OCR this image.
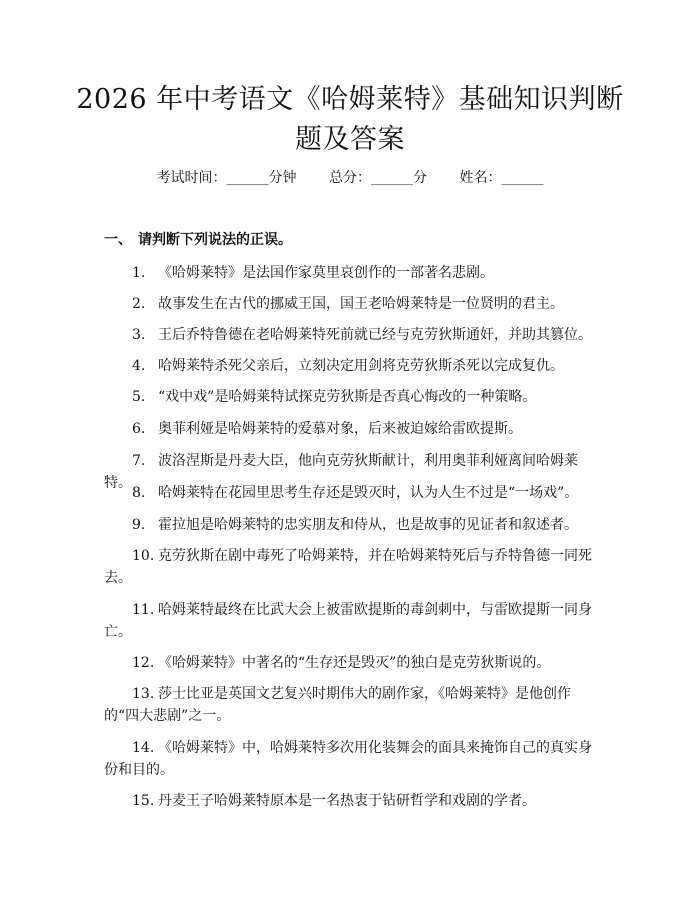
2026 年中考语文《哈姆莱特》基础知识判断
题及答案
考试时间：______分钟 总分：______分 姓名：______
一、 请判断下列说法的正误。
1. 《哈姆莱特》是法国作家莫里哀创作的一部著名悲剧。
2. 故事发生在古代的挪威王国，国王老哈姆莱特是一位贤明的君主。
3. 王后乔特鲁德在老哈姆莱特死前就已经与克劳狄斯通奸，并助其篡位。
4. 哈姆莱特杀死父亲后，立刻决定用剑将克劳狄斯杀死以完成复仇。
5. “戏中戏”是哈姆莱特试探克劳狄斯是否真心悔改的一种策略。
6. 奥菲利娅是哈姆莱特的爱慕对象，后来被迫嫁给雷欧提斯。
7. 波洛涅斯是丹麦大臣，他向克劳狄斯献计，利用奥菲利娅离间哈姆莱特。
8. 哈姆莱特在花园里思考生存还是毁灭时，认为人生不过是“一场戏”。
9. 霍拉旭是哈姆莱特的忠实朋友和侍从，也是故事的见证者和叙述者。
10. 克劳狄斯在剧中毒死了哈姆莱特，并在哈姆莱特死后与乔特鲁德一同死去。
11. 哈姆莱特最终在比武大会上被雷欧提斯的毒剑刺中，与雷欧提斯一同身亡。
12. 《哈姆莱特》中著名的“生存还是毁灭”的独白是克劳狄斯说的。
13. 莎士比亚是英国文艺复兴时期伟大的剧作家，《哈姆莱特》是他创作的“四大悲剧”之一。
14. 《哈姆莱特》中，哈姆莱特多次用化装舞会的面具来掩饰自己的真实身份和目的。
15. 丹麦王子哈姆莱特原本是一名热衷于钻研哲学和戏剧的学者。
